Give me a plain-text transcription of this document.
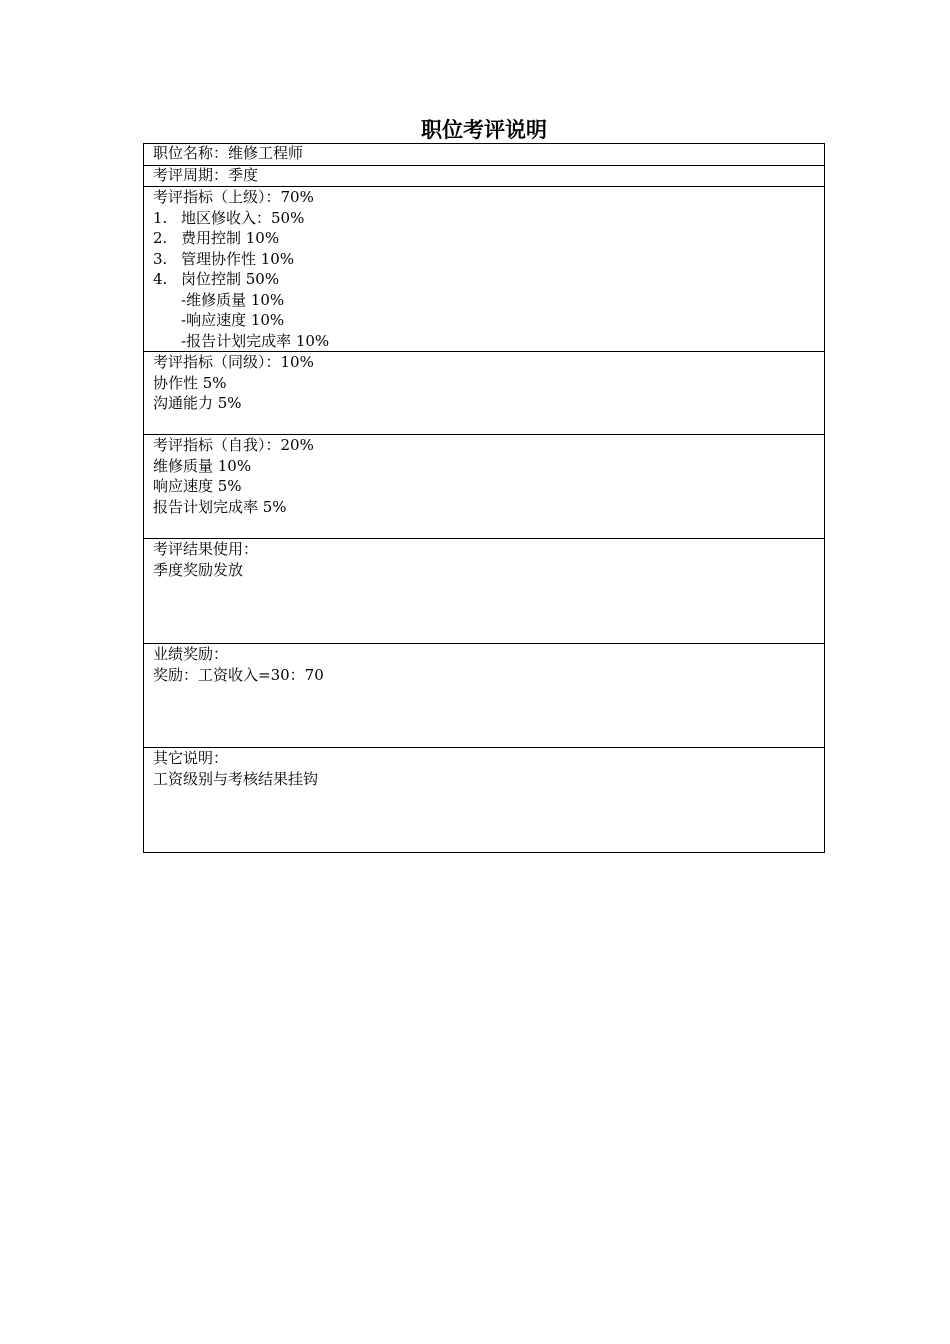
职位考评说明
职位名称：维修工程师

考评周期：季度

考评指标（上级）：70%
1. 地区修收入：50%
2. 费用控制 10%
3. 管理协作性 10%
4. 岗位控制 50%
-维修质量 10%
-响应速度 10%
-报告计划完成率 10%

考评指标（同级）：10%
协作性 5%
沟通能力 5%

考评指标（自我）：20%
维修质量 10%
响应速度 5%
报告计划完成率 5%

考评结果使用：
季度奖励发放

业绩奖励：
奖励：工资收入=30：70

其它说明：
工资级别与考核结果挂钩
